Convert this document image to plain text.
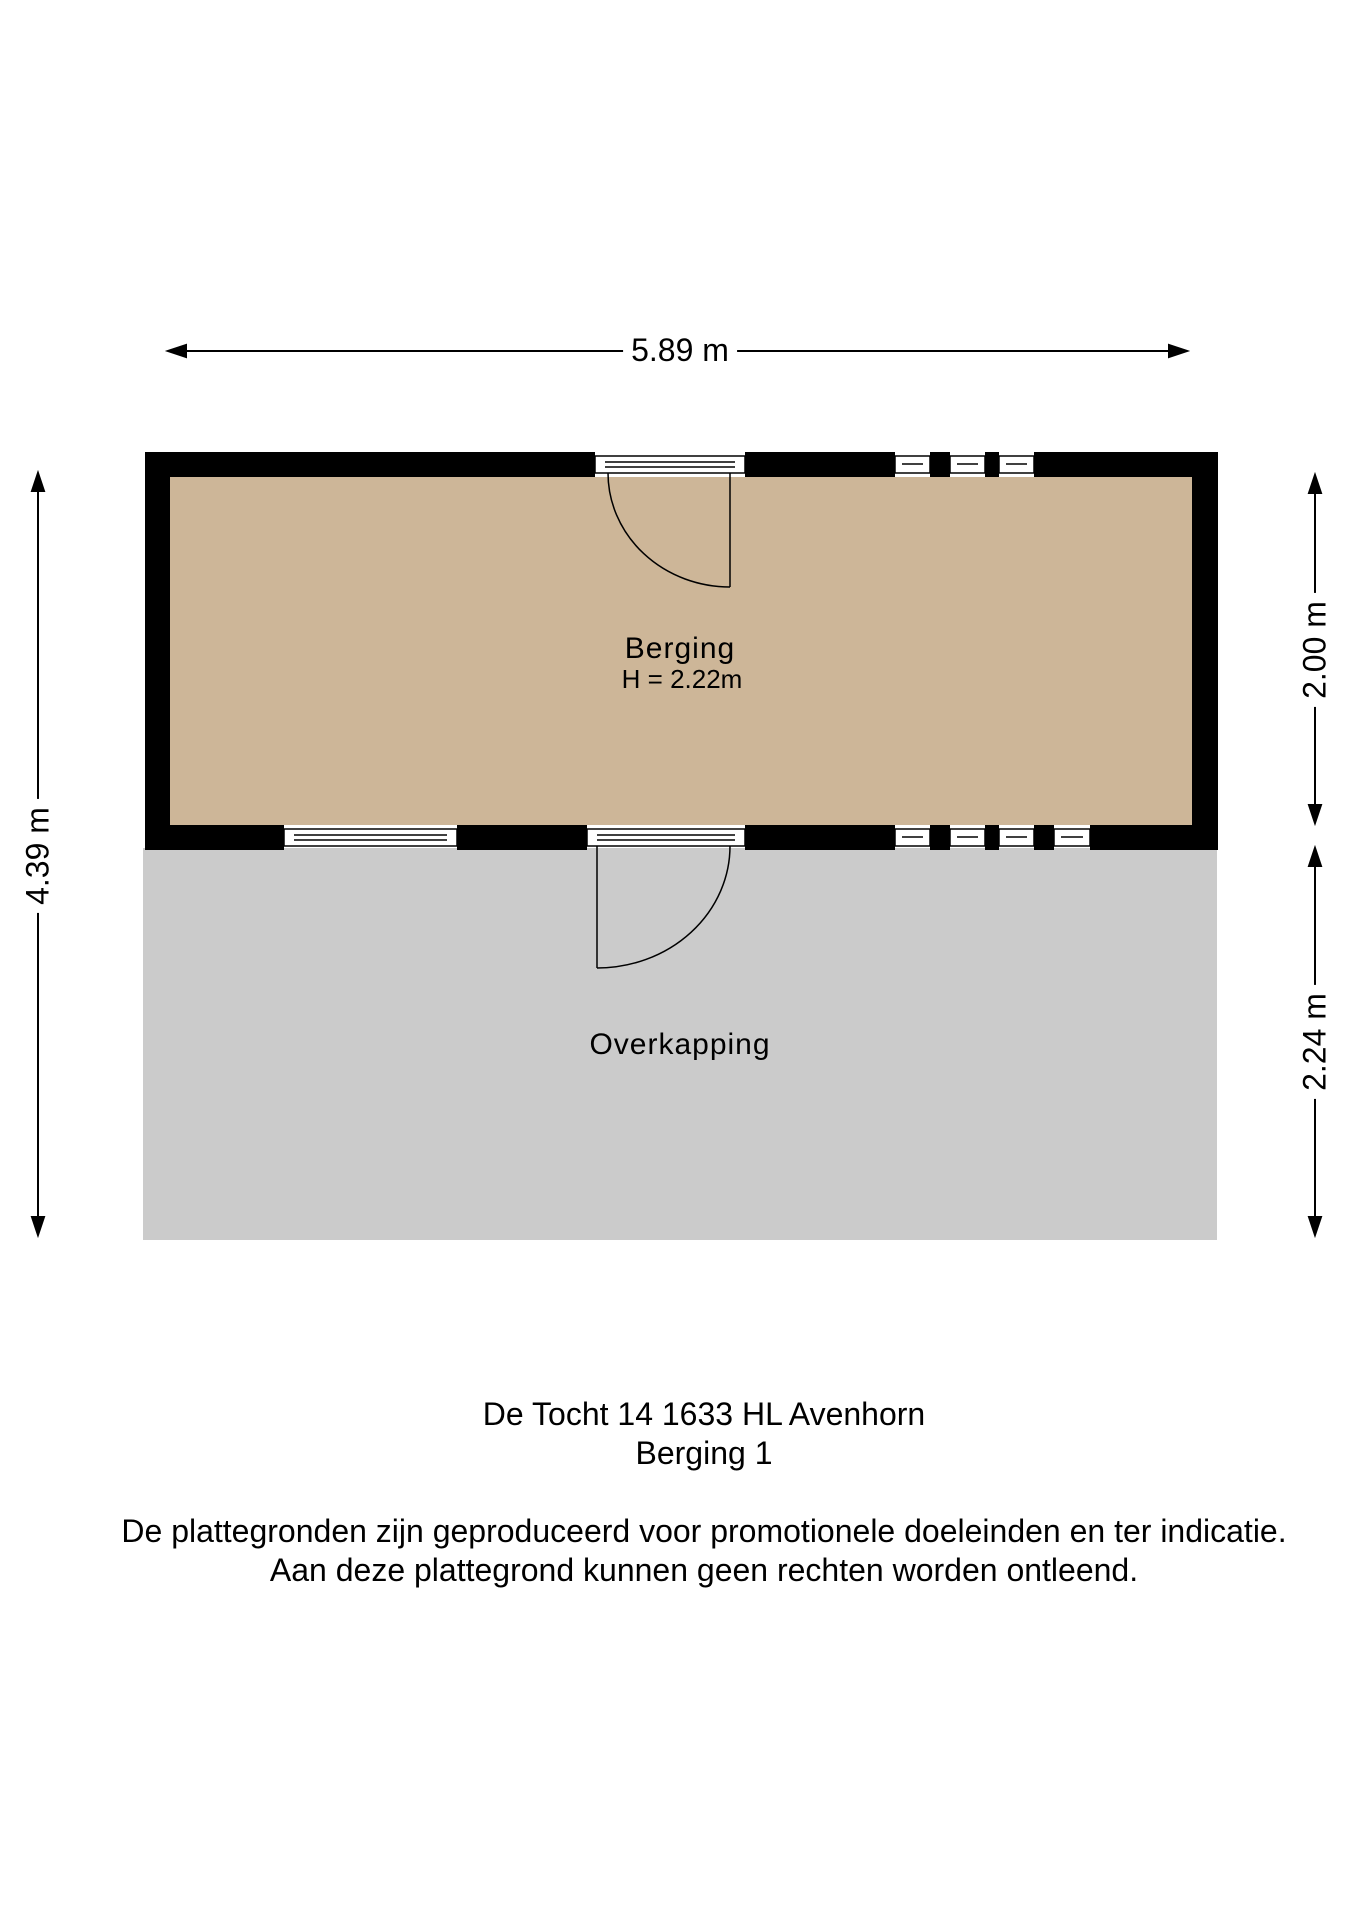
5.89 m
4.39 m
2.00 m
2.24 m
Berging
H = 2.22m
Overkapping
De Tocht 14 1633 HL Avenhorn
Berging 1
De plattegronden zijn geproduceerd voor promotionele doeleinden en ter indicatie.
Aan deze plattegrond kunnen geen rechten worden ontleend.
